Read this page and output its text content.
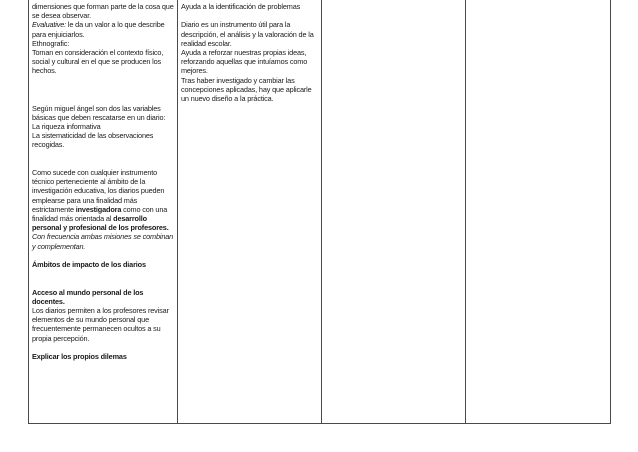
dimensiones que forman parte de la cosa que se desea observar.
Evaluative: le da un valor a lo que describe para enjuiciarlos.
Ethnografic:
Toman en consideración el contexto físico, social y cultural en el que se producen los hechos.
Según miguel ángel son dos las variables básicas que deben rescatarse en un diario:
La riqueza informativa
La sistematicidad de las observaciones recogidas.
Como sucede con cualquier instrumento técnico perteneciente al ámbito de la investigación educativa, los diarios pueden emplearse para una finalidad más estrictamente investigadora como con una finalidad más orientada al desarrollo personal y profesional de los profesores.
Con frecuencia ambas misiones se combinan y complementan.
Ámbitos de impacto de los diarios
Acceso al mundo personal de los docentes.
Los diarios permiten a los profesores revisar elementos de su mundo personal que frecuentemente permanecen ocultos a su propia percepción.
Explicar los propios dilemas

Ayuda a la identificación de problemas
Diario es un instrumento útil para la descripción, el análisis y la valoración de la realidad escolar.
Ayuda a reforzar nuestras propias ideas, reforzando aquellas que intuíamos como mejores.
Tras haber investigado y cambiar las concepciones aplicadas, hay que aplicarle un nuevo diseño a la práctica.
